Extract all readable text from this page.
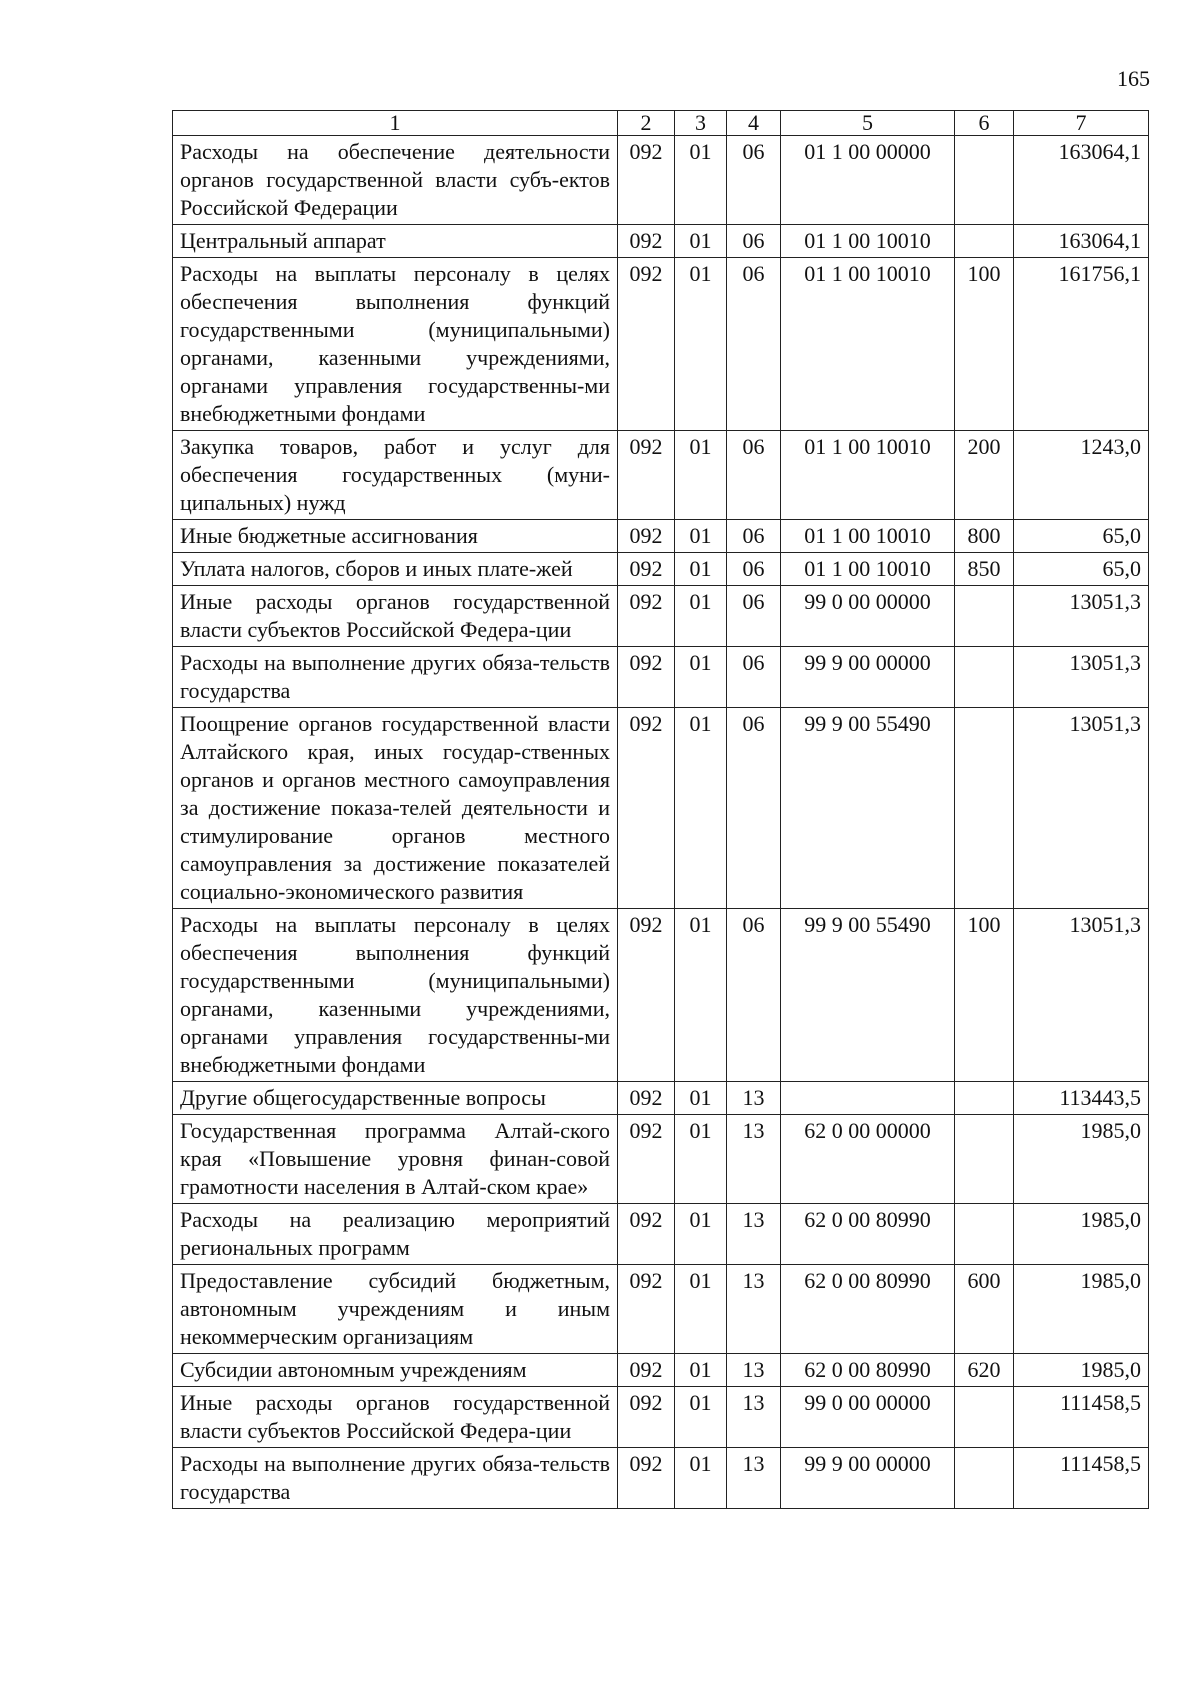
165
1	2	3	4	5	6	7
Расходы на обеспечение деятельности органов государственной власти субъ-ектов Российской Федерации	092	01	06	01 1 00 00000		163064,1
Центральный аппарат	092	01	06	01 1 00 10010		163064,1
Расходы на выплаты персоналу в целях обеспечения выполнения функций государственными (муниципальными) органами, казенными учреждениями, органами управления государственны-ми внебюджетными фондами	092	01	06	01 1 00 10010	100	161756,1
Закупка товаров, работ и услуг для обеспечения государственных (муни-ципальных) нужд	092	01	06	01 1 00 10010	200	1243,0
Иные бюджетные ассигнования	092	01	06	01 1 00 10010	800	65,0
Уплата налогов, сборов и иных плате-жей	092	01	06	01 1 00 10010	850	65,0
Иные расходы органов государственной власти субъектов Российской Федера-ции	092	01	06	99 0 00 00000		13051,3
Расходы на выполнение других обяза-тельств государства	092	01	06	99 9 00 00000		13051,3
Поощрение органов государственной власти Алтайского края, иных государ-ственных органов и органов местного самоуправления за достижение показа-телей деятельности и стимулирование органов местного самоуправления за достижение показателей социально-экономического развития	092	01	06	99 9 00 55490		13051,3
Расходы на выплаты персоналу в целях обеспечения выполнения функций государственными (муниципальными) органами, казенными учреждениями, органами управления государственны-ми внебюджетными фондами	092	01	06	99 9 00 55490	100	13051,3
Другие общегосударственные вопросы	092	01	13			113443,5
Государственная программа Алтай-ского края «Повышение уровня финан-совой грамотности населения в Алтай-ском крае»	092	01	13	62 0 00 00000		1985,0
Расходы на реализацию мероприятий региональных программ	092	01	13	62 0 00 80990		1985,0
Предоставление субсидий бюджетным, автономным учреждениям и иным некоммерческим организациям	092	01	13	62 0 00 80990	600	1985,0
Субсидии автономным учреждениям	092	01	13	62 0 00 80990	620	1985,0
Иные расходы органов государственной власти субъектов Российской Федера-ции	092	01	13	99 0 00 00000		111458,5
Расходы на выполнение других обяза-тельств государства	092	01	13	99 9 00 00000		111458,5
